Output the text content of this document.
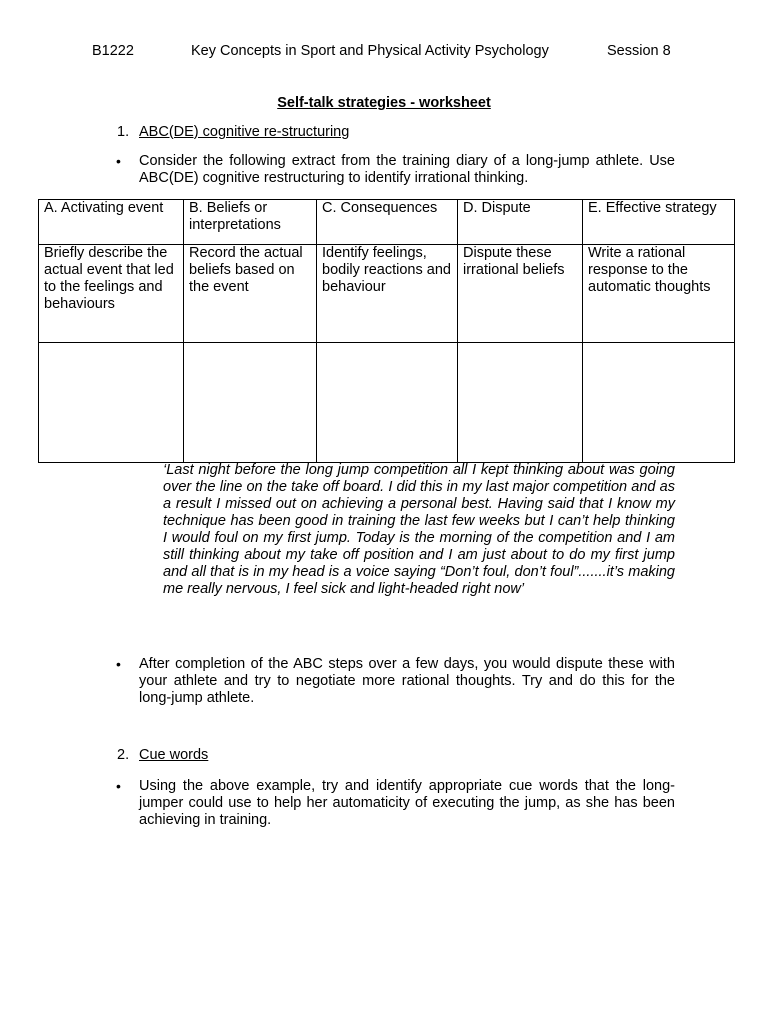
B1222	Key Concepts in Sport and Physical Activity Psychology	Session 8
Self-talk strategies - worksheet
1. ABC(DE) cognitive re-structuring
• Consider the following extract from the training diary of a long-jump athlete. Use ABC(DE) cognitive restructuring to identify irrational thinking.
A. Activating event	B. Beliefs or interpretations	C. Consequences	D. Dispute	E. Effective strategy
Briefly describe the actual event that led to the feelings and behaviours	Record the actual beliefs based on the event	Identify feelings, bodily reactions and behaviour	Dispute these irrational beliefs	Write a rational response to the automatic thoughts

‘Last night before the long jump competition all I kept thinking about was going over the line on the take off board. I did this in my last major competition and as a result I missed out on achieving a personal best. Having said that I know my technique has been good in training the last few weeks but I can’t help thinking I would foul on my first jump. Today is the morning of the competition and I am still thinking about my take off position and I am just about to do my first jump and all that is in my head is a voice saying “Don’t foul, don’t foul”.......it’s making me really nervous, I feel sick and light-headed right now’
• After completion of the ABC steps over a few days, you would dispute these with your athlete and try to negotiate more rational thoughts. Try and do this for the long-jump athlete.
2. Cue words
• Using the above example, try and identify appropriate cue words that the long-jumper could use to help her automaticity of executing the jump, as she has been achieving in training.
